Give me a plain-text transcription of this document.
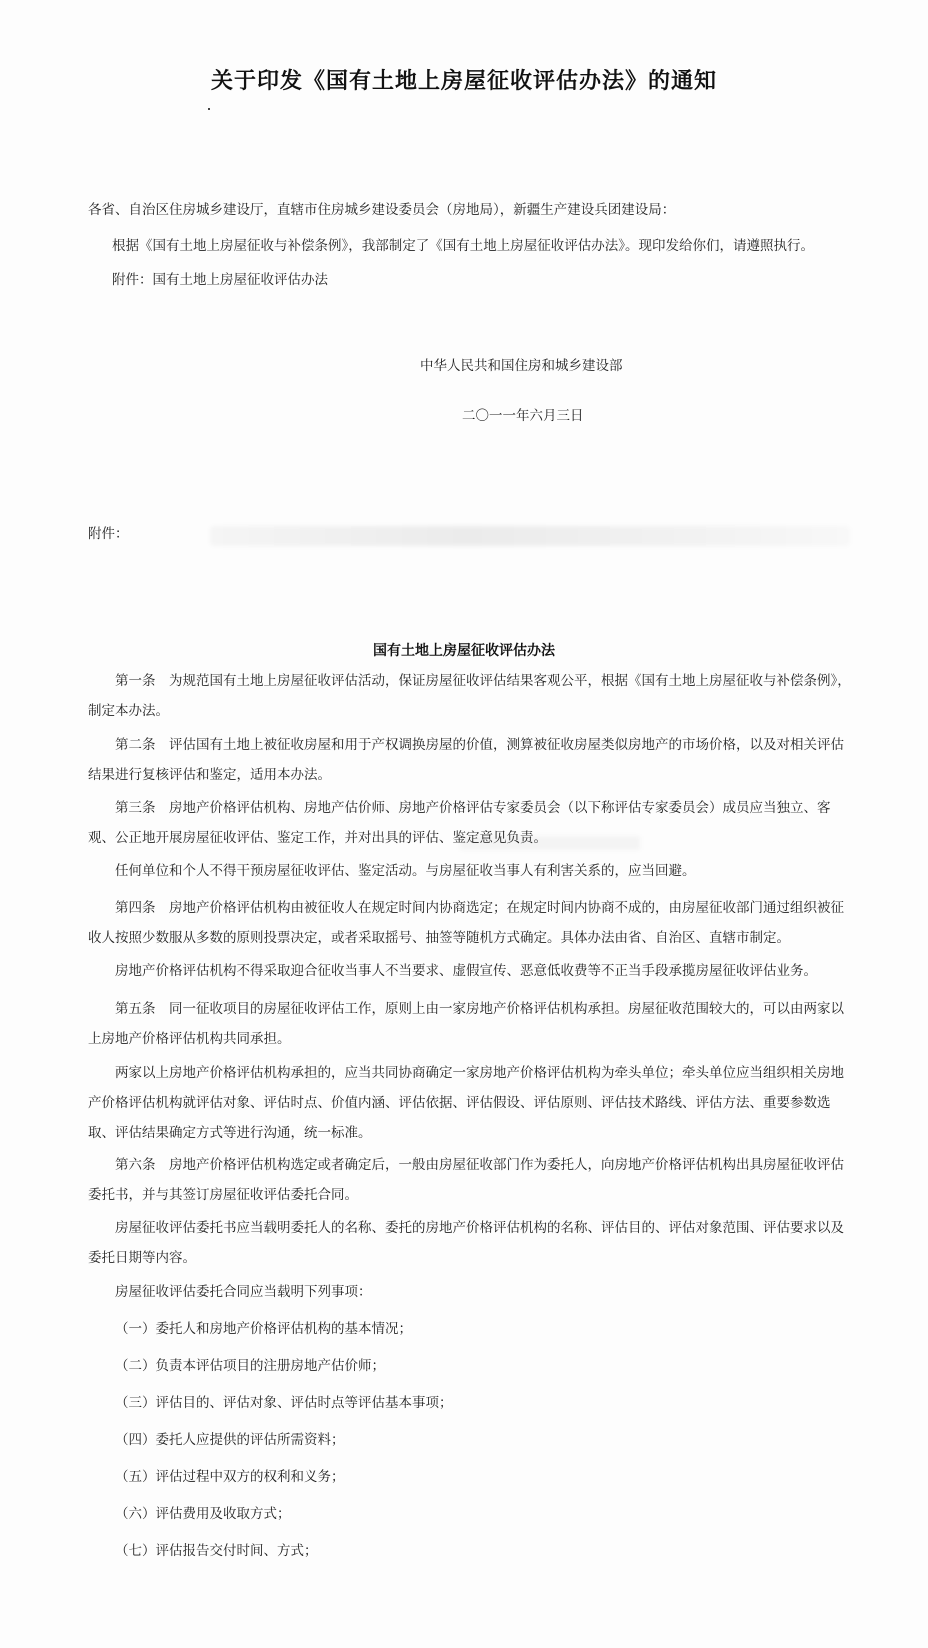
关于印发《国有土地上房屋征收评估办法》的通知
各省、自治区住房城乡建设厅，直辖市住房城乡建设委员会（房地局），新疆生产建设兵团建设局：
根据《国有土地上房屋征收与补偿条例》，我部制定了《国有土地上房屋征收评估办法》。现印发给你们，请遵照执行。
附件：国有土地上房屋征收评估办法
中华人民共和国住房和城乡建设部
二〇一一年六月三日
附件：
国有土地上房屋征收评估办法
第一条　为规范国有土地上房屋征收评估活动，保证房屋征收评估结果客观公平，根据《国有土地上房屋征收与补偿条例》，制定本办法。
第二条　评估国有土地上被征收房屋和用于产权调换房屋的价值，测算被征收房屋类似房地产的市场价格，以及对相关评估结果进行复核评估和鉴定，适用本办法。
第三条　房地产价格评估机构、房地产估价师、房地产价格评估专家委员会（以下称评估专家委员会）成员应当独立、客观、公正地开展房屋征收评估、鉴定工作，并对出具的评估、鉴定意见负责。
任何单位和个人不得干预房屋征收评估、鉴定活动。与房屋征收当事人有利害关系的，应当回避。
第四条　房地产价格评估机构由被征收人在规定时间内协商选定；在规定时间内协商不成的，由房屋征收部门通过组织被征收人按照少数服从多数的原则投票决定，或者采取摇号、抽签等随机方式确定。具体办法由省、自治区、直辖市制定。
房地产价格评估机构不得采取迎合征收当事人不当要求、虚假宣传、恶意低收费等不正当手段承揽房屋征收评估业务。
第五条　同一征收项目的房屋征收评估工作，原则上由一家房地产价格评估机构承担。房屋征收范围较大的，可以由两家以上房地产价格评估机构共同承担。
两家以上房地产价格评估机构承担的，应当共同协商确定一家房地产价格评估机构为牵头单位；牵头单位应当组织相关房地产价格评估机构就评估对象、评估时点、价值内涵、评估依据、评估假设、评估原则、评估技术路线、评估方法、重要参数选取、评估结果确定方式等进行沟通，统一标准。
第六条　房地产价格评估机构选定或者确定后，一般由房屋征收部门作为委托人，向房地产价格评估机构出具房屋征收评估委托书，并与其签订房屋征收评估委托合同。
房屋征收评估委托书应当载明委托人的名称、委托的房地产价格评估机构的名称、评估目的、评估对象范围、评估要求以及委托日期等内容。
房屋征收评估委托合同应当载明下列事项：
（一）委托人和房地产价格评估机构的基本情况；
（二）负责本评估项目的注册房地产估价师；
（三）评估目的、评估对象、评估时点等评估基本事项；
（四）委托人应提供的评估所需资料；
（五）评估过程中双方的权利和义务；
（六）评估费用及收取方式；
（七）评估报告交付时间、方式；
